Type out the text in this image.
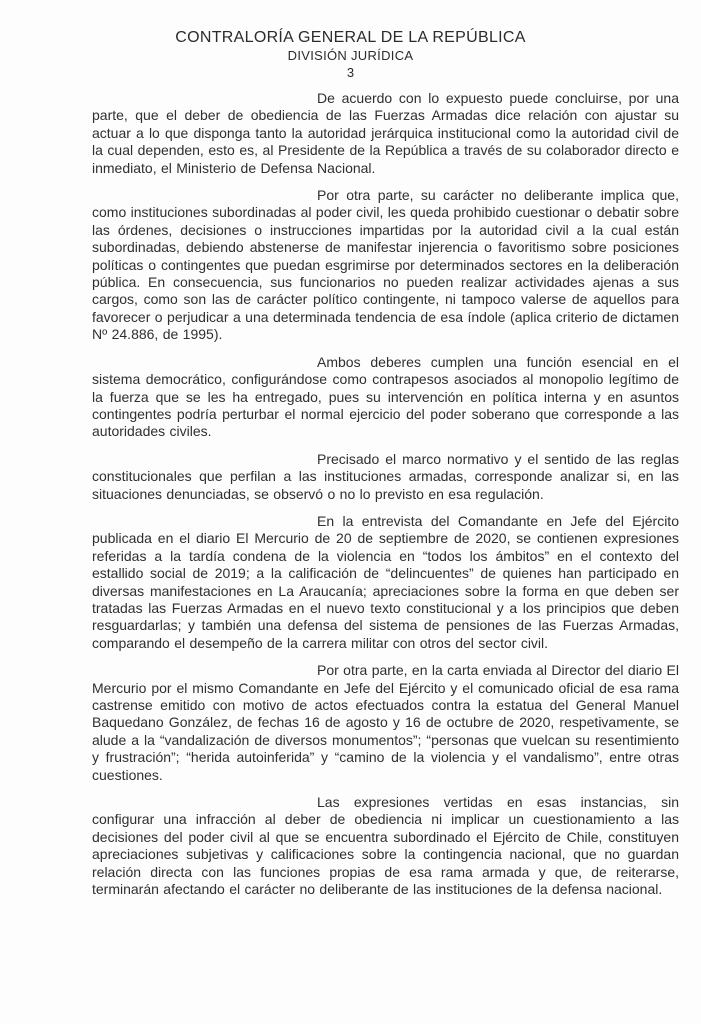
CONTRALORÍA GENERAL DE LA REPÚBLICA
DIVISIÓN JURÍDICA
3

De acuerdo con lo expuesto puede concluirse, por una parte, que el deber de obediencia de las Fuerzas Armadas dice relación con ajustar su actuar a lo que disponga tanto la autoridad jerárquica institucional como la autoridad civil de la cual dependen, esto es, al Presidente de la República a través de su colaborador directo e inmediato, el Ministerio de Defensa Nacional.

Por otra parte, su carácter no deliberante implica que, como instituciones subordinadas al poder civil, les queda prohibido cuestionar o debatir sobre las órdenes, decisiones o instrucciones impartidas por la autoridad civil a la cual están subordinadas, debiendo abstenerse de manifestar injerencia o favoritismo sobre posiciones políticas o contingentes que puedan esgrimirse por determinados sectores en la deliberación pública. En consecuencia, sus funcionarios no pueden realizar actividades ajenas a sus cargos, como son las de carácter político contingente, ni tampoco valerse de aquellos para favorecer o perjudicar a una determinada tendencia de esa índole (aplica criterio de dictamen Nº 24.886, de 1995).

Ambos deberes cumplen una función esencial en el sistema democrático, configurándose como contrapesos asociados al monopolio legítimo de la fuerza que se les ha entregado, pues su intervención en política interna y en asuntos contingentes podría perturbar el normal ejercicio del poder soberano que corresponde a las autoridades civiles.

Precisado el marco normativo y el sentido de las reglas constitucionales que perfilan a las instituciones armadas, corresponde analizar si, en las situaciones denunciadas, se observó o no lo previsto en esa regulación.

En la entrevista del Comandante en Jefe del Ejército publicada en el diario El Mercurio de 20 de septiembre de 2020, se contienen expresiones referidas a la tardía condena de la violencia en “todos los ámbitos” en el contexto del estallido social de 2019; a la calificación de “delincuentes” de quienes han participado en diversas manifestaciones en La Araucanía; apreciaciones sobre la forma en que deben ser tratadas las Fuerzas Armadas en el nuevo texto constitucional y a los principios que deben resguardarlas; y también una defensa del sistema de pensiones de las Fuerzas Armadas, comparando el desempeño de la carrera militar con otros del sector civil.

Por otra parte, en la carta enviada al Director del diario El Mercurio por el mismo Comandante en Jefe del Ejército y el comunicado oficial de esa rama castrense emitido con motivo de actos efectuados contra la estatua del General Manuel Baquedano González, de fechas 16 de agosto y 16 de octubre de 2020, respetivamente, se alude a la “vandalización de diversos monumentos”; “personas que vuelcan su resentimiento y frustración”; “herida autoinferida” y “camino de la violencia y el vandalismo”, entre otras cuestiones.

Las expresiones vertidas en esas instancias, sin configurar una infracción al deber de obediencia ni implicar un cuestionamiento a las decisiones del poder civil al que se encuentra subordinado el Ejército de Chile, constituyen apreciaciones subjetivas y calificaciones sobre la contingencia nacional, que no guardan relación directa con las funciones propias de esa rama armada y que, de reiterarse, terminarán afectando el carácter no deliberante de las instituciones de la defensa nacional.
